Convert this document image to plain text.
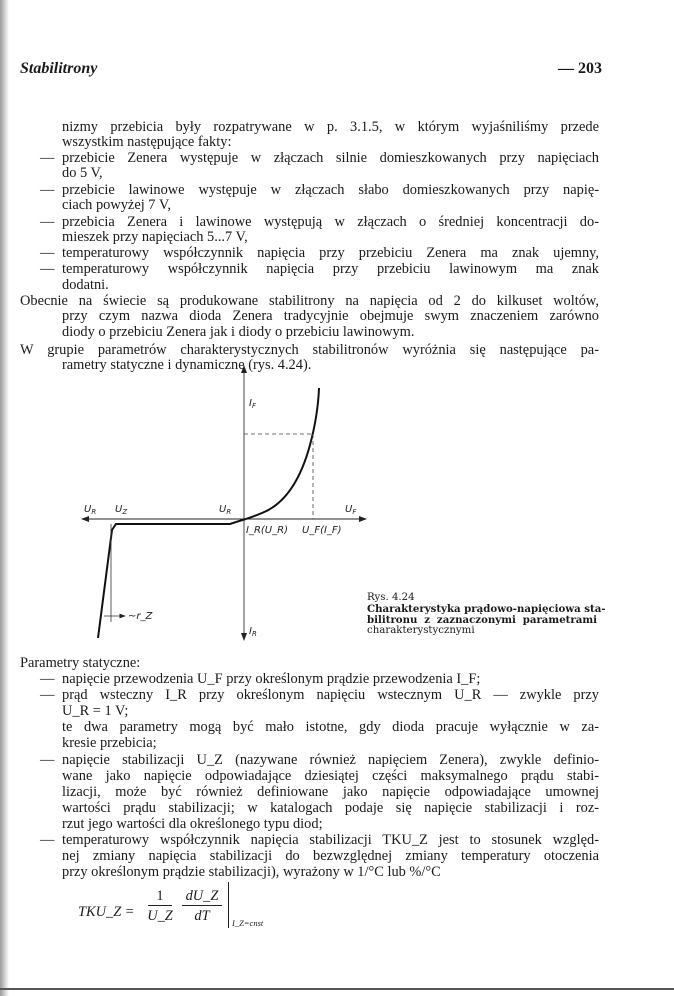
Stabilitrony	— 203
nizmy przebicia były rozpatrywane w p. 3.1.5, w którym wyjaśniliśmy przede
wszystkim następujące fakty:
— przebicie Zenera występuje w złączach silnie domieszkowanych przy napięciach
do 5 V,
— przebicie lawinowe występuje w złączach słabo domieszkowanych przy napię-
ciach powyżej 7 V,
— przebicia Zenera i lawinowe występują w złączach o średniej koncentracji do-
mieszek przy napięciach 5...7 V,
— temperaturowy współczynnik napięcia przy przebiciu Zenera ma znak ujemny,
— temperaturowy współczynnik napięcia przy przebiciu lawinowym ma znak
dodatni.
Obecnie na świecie są produkowane stabilitrony na napięcia od 2 do kilkuset woltów,
przy czym nazwa dioda Zenera tradycyjnie obejmuje swym znaczeniem zarówno
diody o przebiciu Zenera jak i diody o przebiciu lawinowym.
W grupie parametrów charakterystycznych stabilitronów wyróżnia się następujące pa-
rametry statyczne i dynamiczne (rys. 4.24).
$U_R$ $U_Z$	$U_R$	$U_F$
$I_F$
I_R(U_R) U_F(I_F)
$I_R$
~r_Z
Rys. 4.24
Charakterystyka prądowo-napięciowa sta-
bilitronu z zaznaczonymi parametrami
charakterystycznymi
Parametry statyczne:
— napięcie przewodzenia U_F przy określonym prądzie przewodzenia I_F;
— prąd wsteczny I_R przy określonym napięciu wstecznym U_R — zwykle przy
U_R = 1 V;
te dwa parametry mogą być mało istotne, gdy dioda pracuje wyłącznie w za-
kresie przebicia;
— napięcie stabilizacji U_Z (nazywane również napięciem Zenera), zwykle definio-
wane jako napięcie odpowiadające dziesiątej części maksymalnego prądu stabi-
lizacji, może być również definiowane jako napięcie odpowiadające umownej
wartości prądu stabilizacji; w katalogach podaje się napięcie stabilizacji i roz-
rzut jego wartości dla określonego typu diod;
— temperaturowy współczynnik napięcia stabilizacji TKU_Z jest to stosunek względ-
nej zmiany napięcia stabilizacji do bezwzględnej zmiany temperatury otoczenia
przy określonym prądzie stabilizacji), wyrażony w 1/°C lub %/°C
TKU_Z =
1
U_Z
dU_Z
dT	I_Z=cnst
